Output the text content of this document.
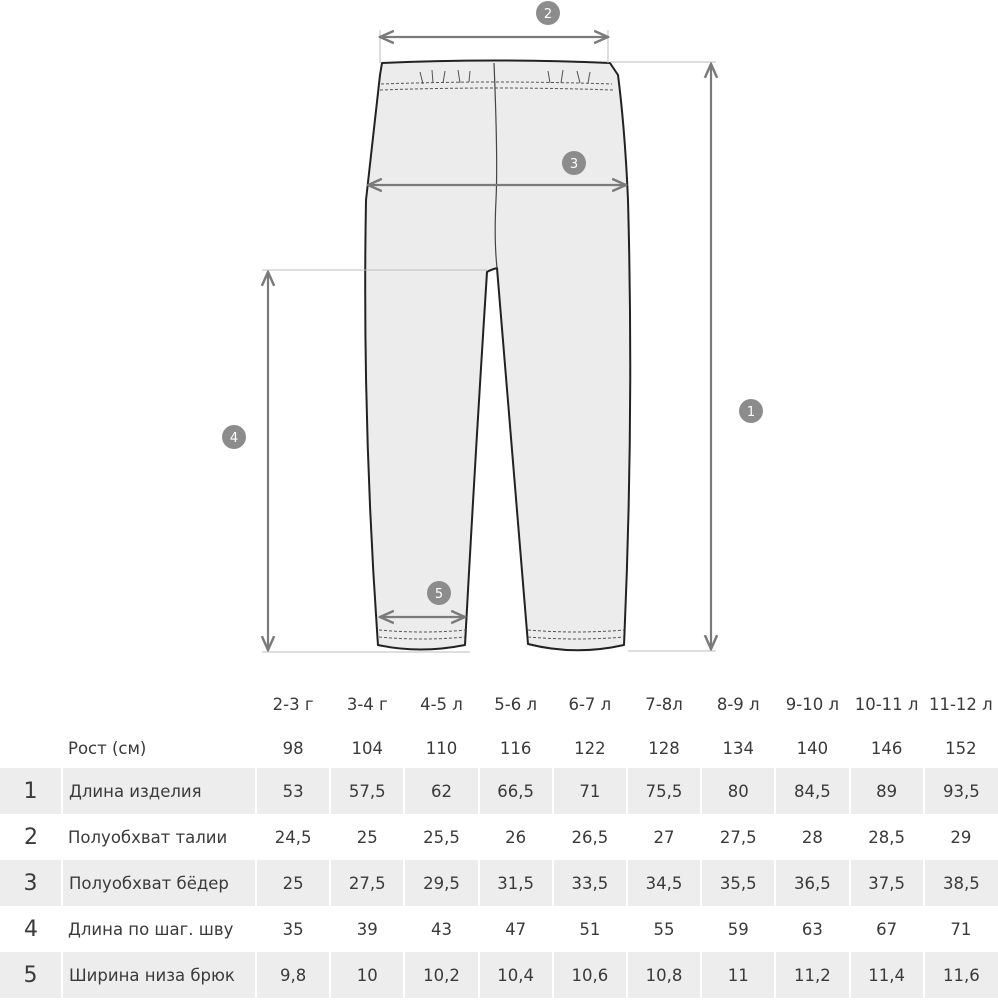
1
2
3
4
5
		2-3 г	3-4 г	4-5 л	5-6 л	6-7 л	7-8л	8-9 л	9-10 л	10-11 л	11-12 л
	Рост (см)	98	104	110	116	122	128	134	140	146	152
1	Длина изделия	53	57,5	62	66,5	71	75,5	80	84,5	89	93,5
2	Полуобхват талии	24,5	25	25,5	26	26,5	27	27,5	28	28,5	29
3	Полуобхват бёдер	25	27,5	29,5	31,5	33,5	34,5	35,5	36,5	37,5	38,5
4	Длина по шаг. шву	35	39	43	47	51	55	59	63	67	71
5	Ширина низа брюк	9,8	10	10,2	10,4	10,6	10,8	11	11,2	11,4	11,6
